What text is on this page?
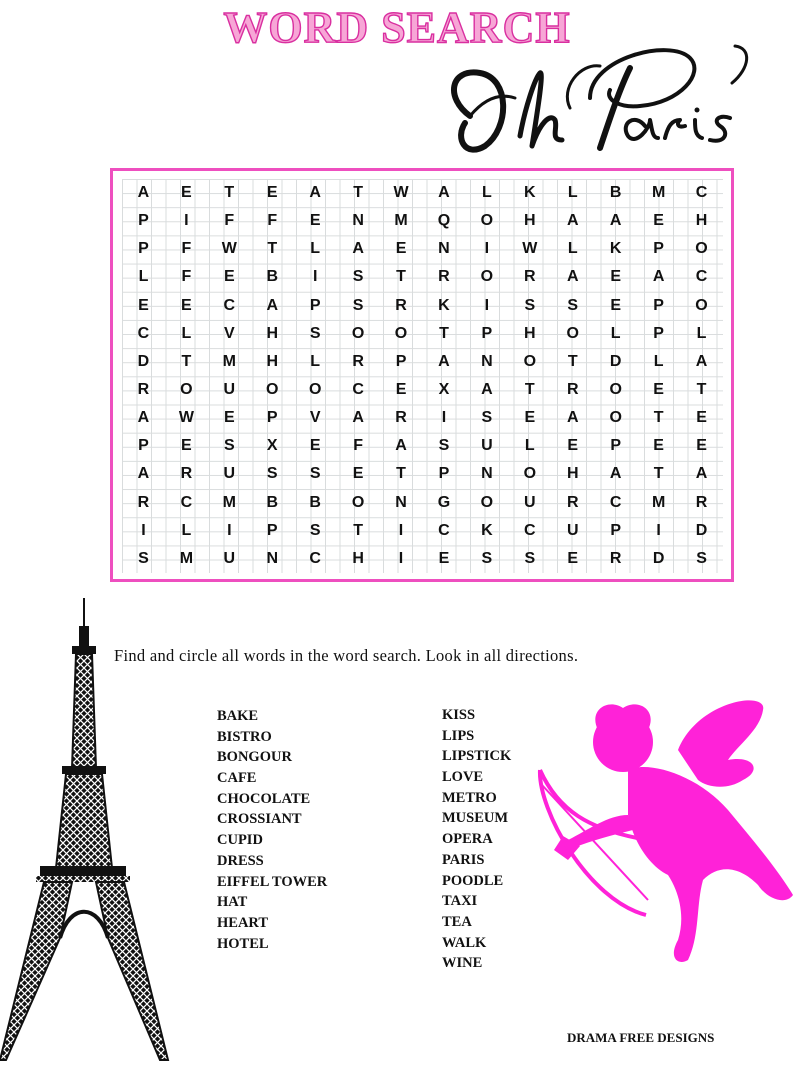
WORD SEARCH
A	E	T	E	A	T	W	A	L	K	L	B	M	C
P	I	F	F	E	N	M	Q	O	H	A	A	E	H
P	F	W	T	L	A	E	N	I	W	L	K	P	O
L	F	E	B	I	S	T	R	O	R	A	E	A	C
E	E	C	A	P	S	R	K	I	S	S	E	P	O
C	L	V	H	S	O	O	T	P	H	O	L	P	L
D	T	M	H	L	R	P	A	N	O	T	D	L	A
R	O	U	O	O	C	E	X	A	T	R	O	E	T
A	W	E	P	V	A	R	I	S	E	A	O	T	E
P	E	S	X	E	F	A	S	U	L	E	P	E	E
A	R	U	S	S	E	T	P	N	O	H	A	T	A
R	C	M	B	B	O	N	G	O	U	R	C	M	R
I	L	I	P	S	T	I	C	K	C	U	P	I	D
S	M	U	N	C	H	I	E	S	S	E	R	D	S
Find and circle all words in the word search. Look in all directions.
BAKE
BISTRO
BONGOUR
CAFE
CHOCOLATE
CROSSIANT
CUPID
DRESS
EIFFEL TOWER
HAT
HEART
HOTEL
KISS
LIPS
LIPSTICK
LOVE
METRO
MUSEUM
OPERA
PARIS
POODLE
TAXI
TEA
WALK
WINE
DRAMA FREE DESIGNS
